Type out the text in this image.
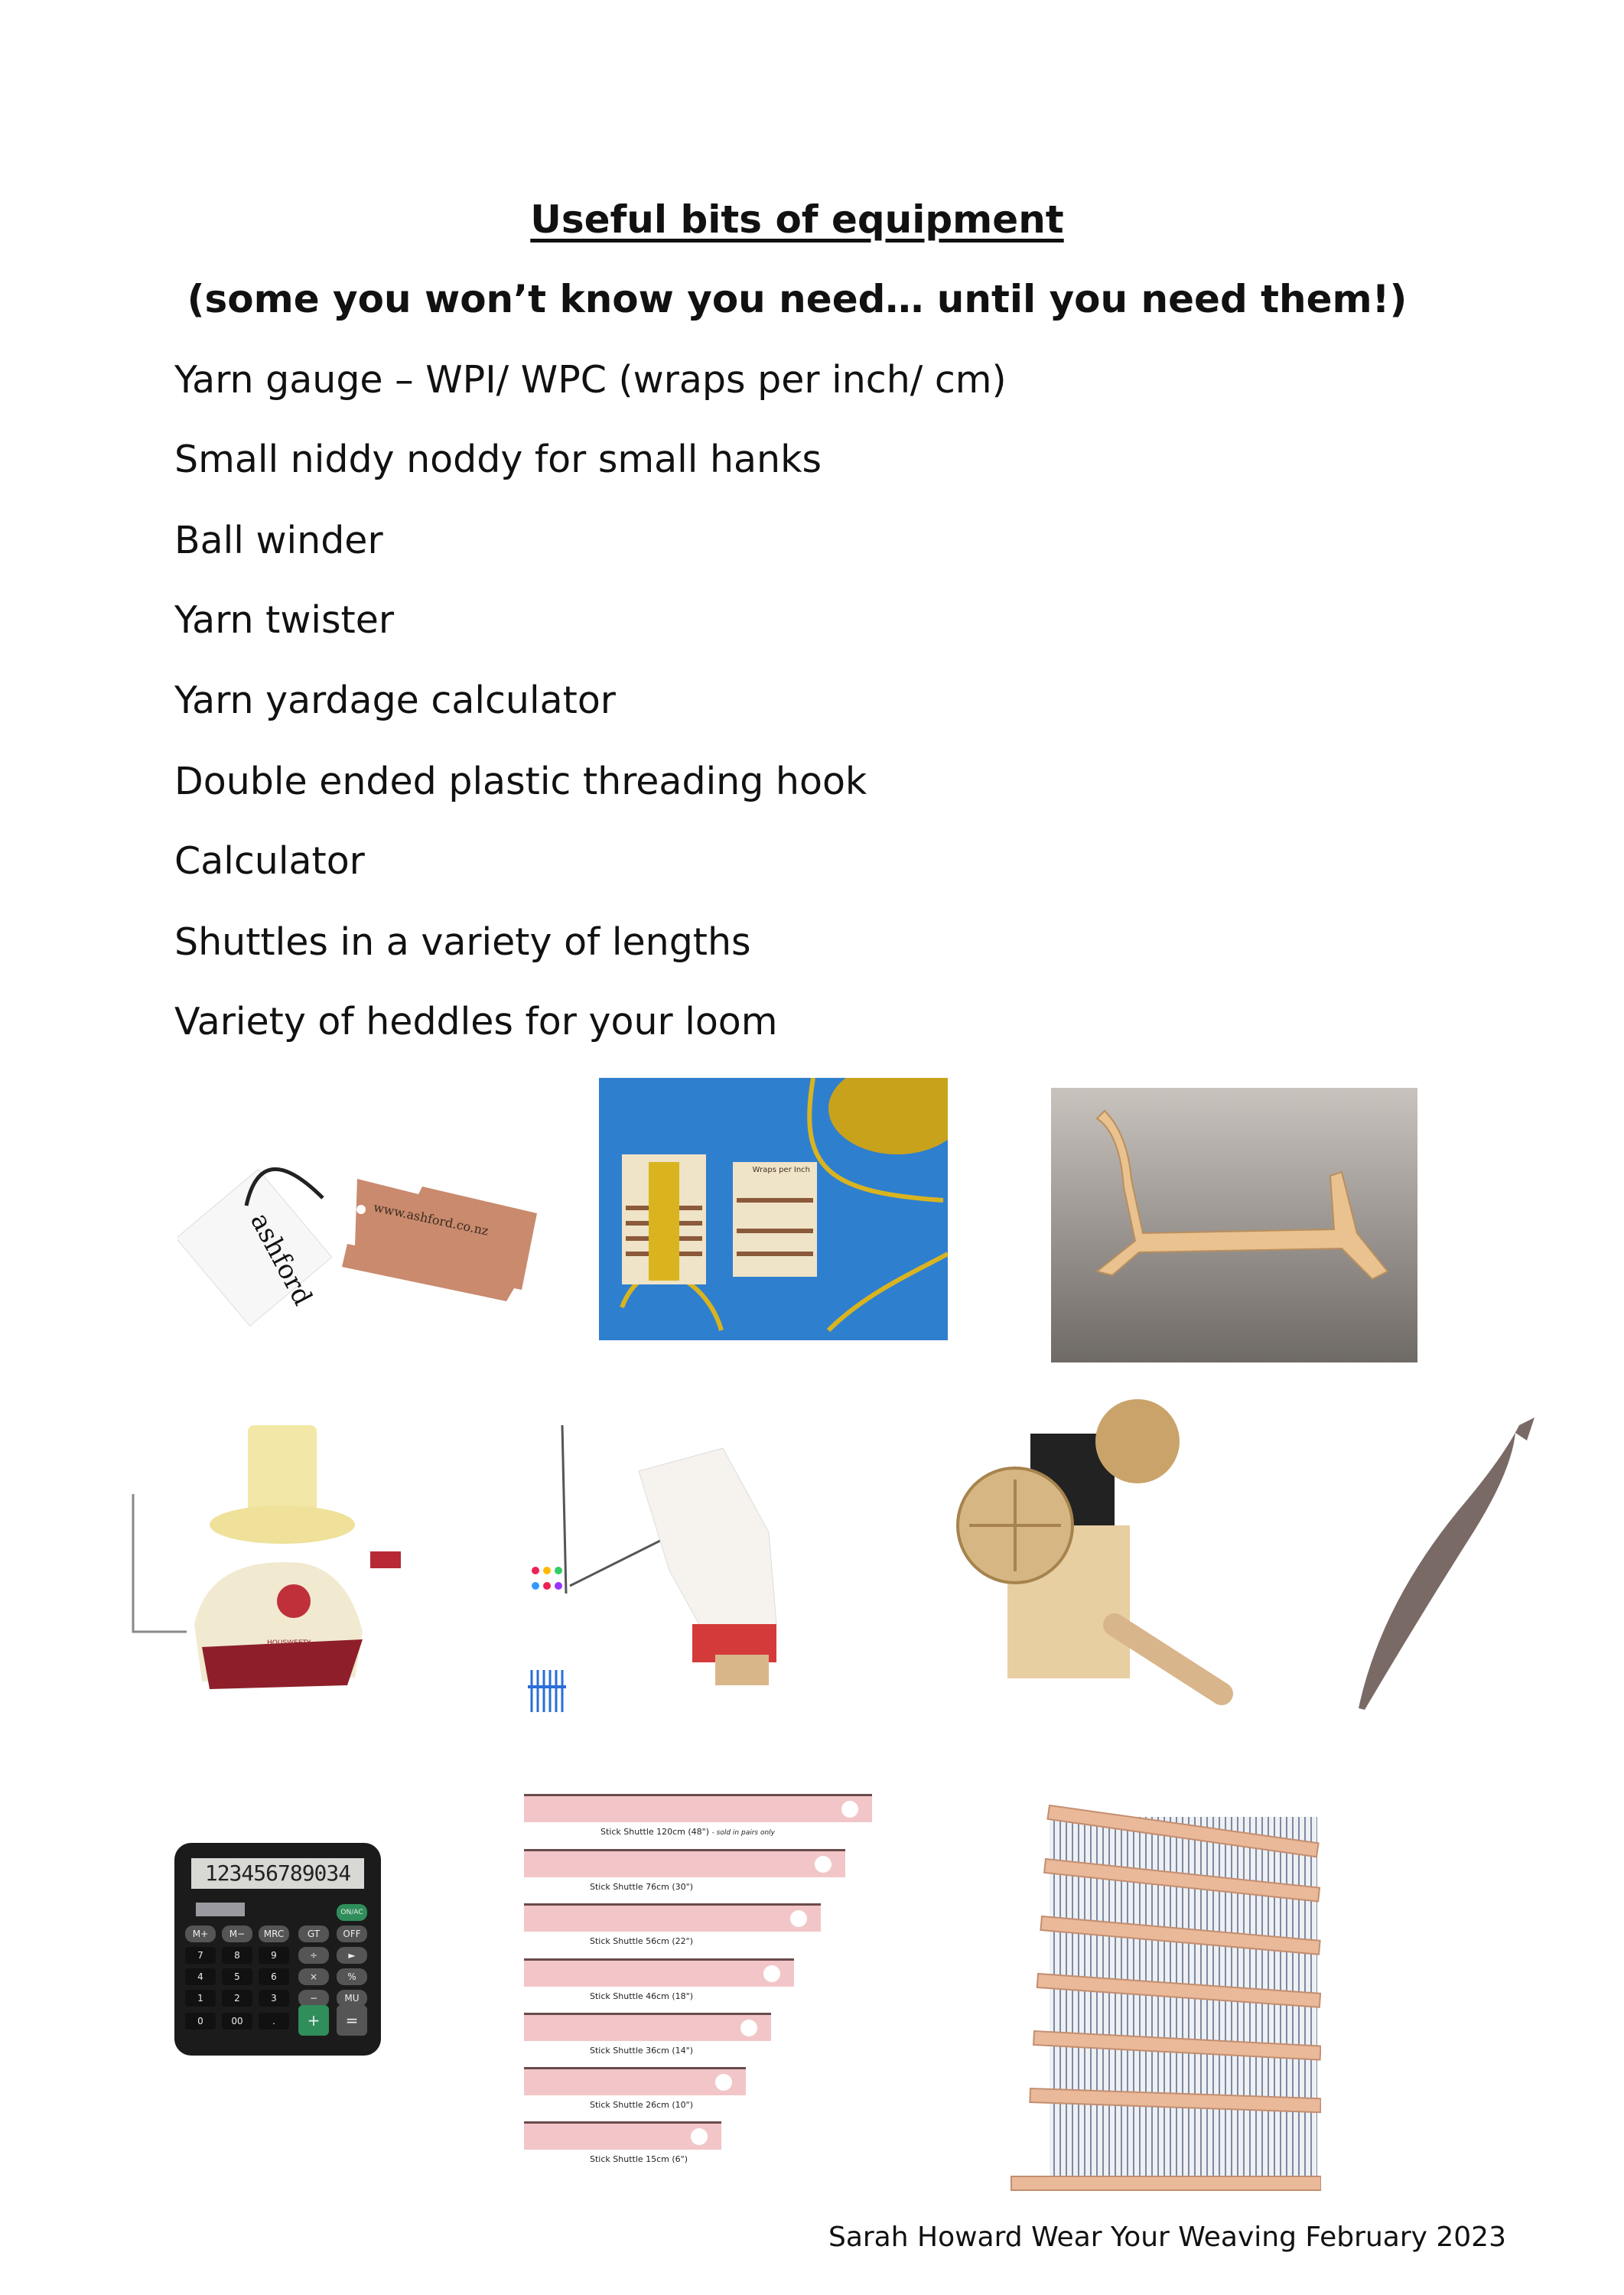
Useful bits of equipment
(some you won’t know you need… until you need them!)
Yarn gauge – WPI/ WPC (wraps per inch/ cm)
Small niddy noddy for small hanks
Ball winder
Yarn twister
Yarn yardage calculator
Double ended plastic threading hook
Calculator
Shuttles in a variety of lengths
Variety of heddles for your loom
www.ashford.co.nz
ashford
Wraps per Inch
HOUSWEETY
123456789034
ON/AC
M+	M−	MRC	GT	OFF
7	8	9	÷	►
4	5	6	×	%
1	2	3	−	MU
0	00	.	+	=
Stick Shuttle 120cm (48") - sold in pairs only
Stick Shuttle 76cm (30")
Stick Shuttle 56cm (22")
Stick Shuttle 46cm (18")
Stick Shuttle 36cm (14")
Stick Shuttle 26cm (10")
Stick Shuttle 15cm (6")
Sarah Howard Wear Your Weaving February 2023
